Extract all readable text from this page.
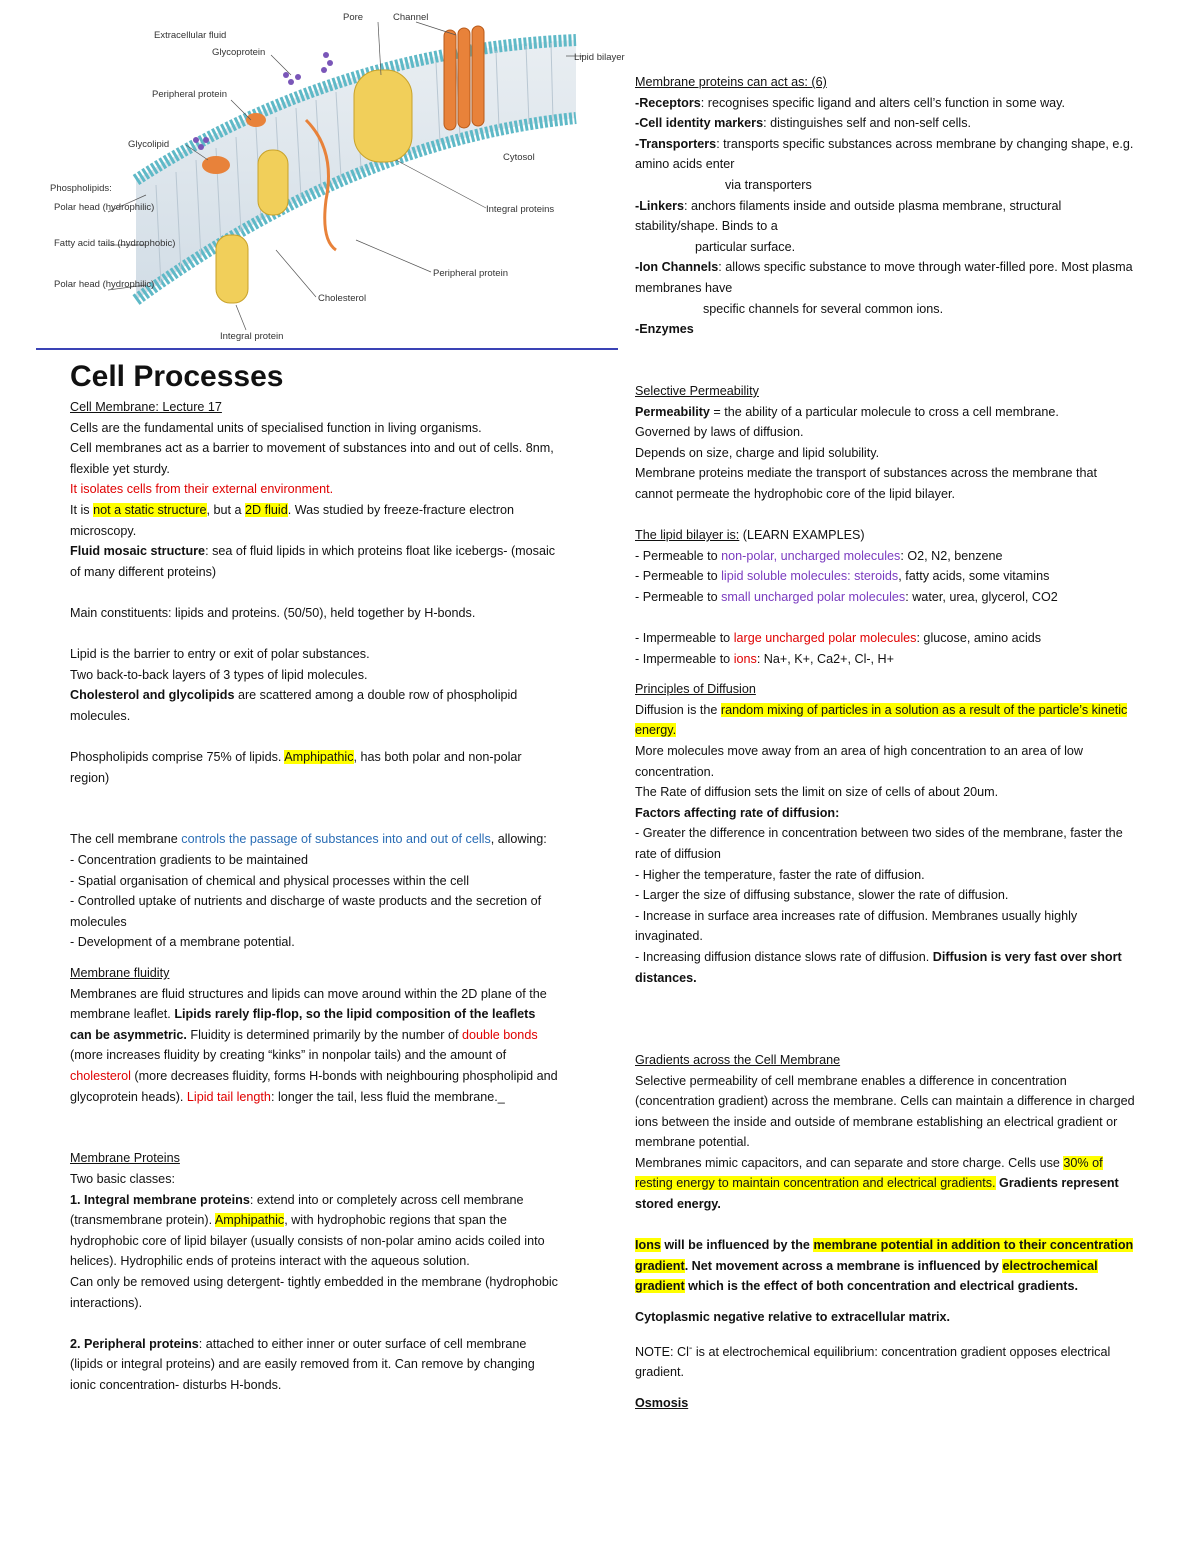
Extracellular fluid
Pore	Channel
Lipid bilayer
Glycoprotein
Peripheral protein
Glycolipid
Cytosol
Phospholipids:
Polar head (hydrophilic)
Fatty acid tails (hydrophobic)
Polar head (hydrophilic)
Integral proteins
Peripheral protein
Cholesterol
Integral protein

Cell Processes

Cell Membrane: Lecture 17

Cells are the fundamental units of specialised function in living organisms.

Cell membranes act as a barrier to movement of substances into and out of cells. 8nm, flexible yet sturdy.

It isolates cells from their external environment.

It is not a static structure, but a 2D fluid. Was studied by freeze-fracture electron microscopy.

Fluid mosaic structure: sea of fluid lipids in which proteins float like icebergs- (mosaic of many different proteins)

Main constituents: lipids and proteins. (50/50), held together by H-bonds.

Lipid is the barrier to entry or exit of polar substances.

Two back-to-back layers of 3 types of lipid molecules.

Cholesterol and glycolipids are scattered among a double row of phospholipid molecules.

Phospholipids comprise 75% of lipids. Amphipathic, has both polar and non-polar region)

The cell membrane controls the passage of substances into and out of cells, allowing:

- Concentration gradients to be maintained

- Spatial organisation of chemical and physical processes within the cell

- Controlled uptake of nutrients and discharge of waste products and the secretion of molecules

- Development of a membrane potential.

Membrane fluidity

Membranes are fluid structures and lipids can move around within the 2D plane of the membrane leaflet. Lipids rarely flip-flop, so the lipid composition of the leaflets can be asymmetric. Fluidity is determined primarily by the number of double bonds (more increases fluidity by creating “kinks” in nonpolar tails) and the amount of cholesterol (more decreases fluidity, forms H-bonds with neighbouring phospholipid and glycoprotein heads). Lipid tail length: longer the tail, less fluid the membrane._

Membrane Proteins

Two basic classes:

1. Integral membrane proteins: extend into or completely across cell membrane (transmembrane protein). Amphipathic, with hydrophobic regions that span the hydrophobic core of lipid bilayer (usually consists of non-polar amino acids coiled into helices). Hydrophilic ends of proteins interact with the aqueous solution.

Can only be removed using detergent- tightly embedded in the membrane (hydrophobic interactions).

2. Peripheral proteins: attached to either inner or outer surface of cell membrane (lipids or integral proteins) and are easily removed from it. Can remove by changing ionic concentration- disturbs H-bonds.

Membrane proteins can act as: (6)

-Receptors: recognises specific ligand and alters cell’s function in some way.

-Cell identity markers: distinguishes self and non-self cells.

-Transporters: transports specific substances across membrane by changing shape, e.g. amino acids enter

via transporters

-Linkers: anchors filaments inside and outside plasma membrane, structural stability/shape. Binds to a

particular surface.

-Ion Channels: allows specific substance to move through water-filled pore. Most plasma membranes have

specific channels for several common ions.

-Enzymes

Selective Permeability

Permeability = the ability of a particular molecule to cross a cell membrane.

Governed by laws of diffusion.

Depends on size, charge and lipid solubility.

Membrane proteins mediate the transport of substances across the membrane that cannot permeate the hydrophobic core of the lipid bilayer.

The lipid bilayer is: (LEARN EXAMPLES)

- Permeable to non-polar, uncharged molecules: O2, N2, benzene

- Permeable to lipid soluble molecules: steroids, fatty acids, some vitamins

- Permeable to small uncharged polar molecules: water, urea, glycerol, CO2

- Impermeable to large uncharged polar molecules: glucose, amino acids

- Impermeable to ions: Na+, K+, Ca2+, Cl-, H+

Principles of Diffusion

Diffusion is the random mixing of particles in a solution as a result of the particle’s kinetic energy.

More molecules move away from an area of high concentration to an area of low concentration.

The Rate of diffusion sets the limit on size of cells of about 20um.

Factors affecting rate of diffusion:

- Greater the difference in concentration between two sides of the membrane, faster the rate of diffusion

- Higher the temperature, faster the rate of diffusion.

- Larger the size of diffusing substance, slower the rate of diffusion.

- Increase in surface area increases rate of diffusion. Membranes usually highly invaginated.

- Increasing diffusion distance slows rate of diffusion. Diffusion is very fast over short distances.

Gradients across the Cell Membrane

Selective permeability of cell membrane enables a difference in concentration (concentration gradient) across the membrane. Cells can maintain a difference in charged ions between the inside and outside of membrane establishing an electrical gradient or membrane potential.

Membranes mimic capacitors, and can separate and store charge. Cells use 30% of resting energy to maintain concentration and electrical gradients. Gradients represent stored energy.

Ions will be influenced by the membrane potential in addition to their concentration gradient. Net movement across a membrane is influenced by electrochemical gradient which is the effect of both concentration and electrical gradients.

Cytoplasmic negative relative to extracellular matrix.

NOTE: Cl- is at electrochemical equilibrium: concentration gradient opposes electrical gradient.

Osmosis
